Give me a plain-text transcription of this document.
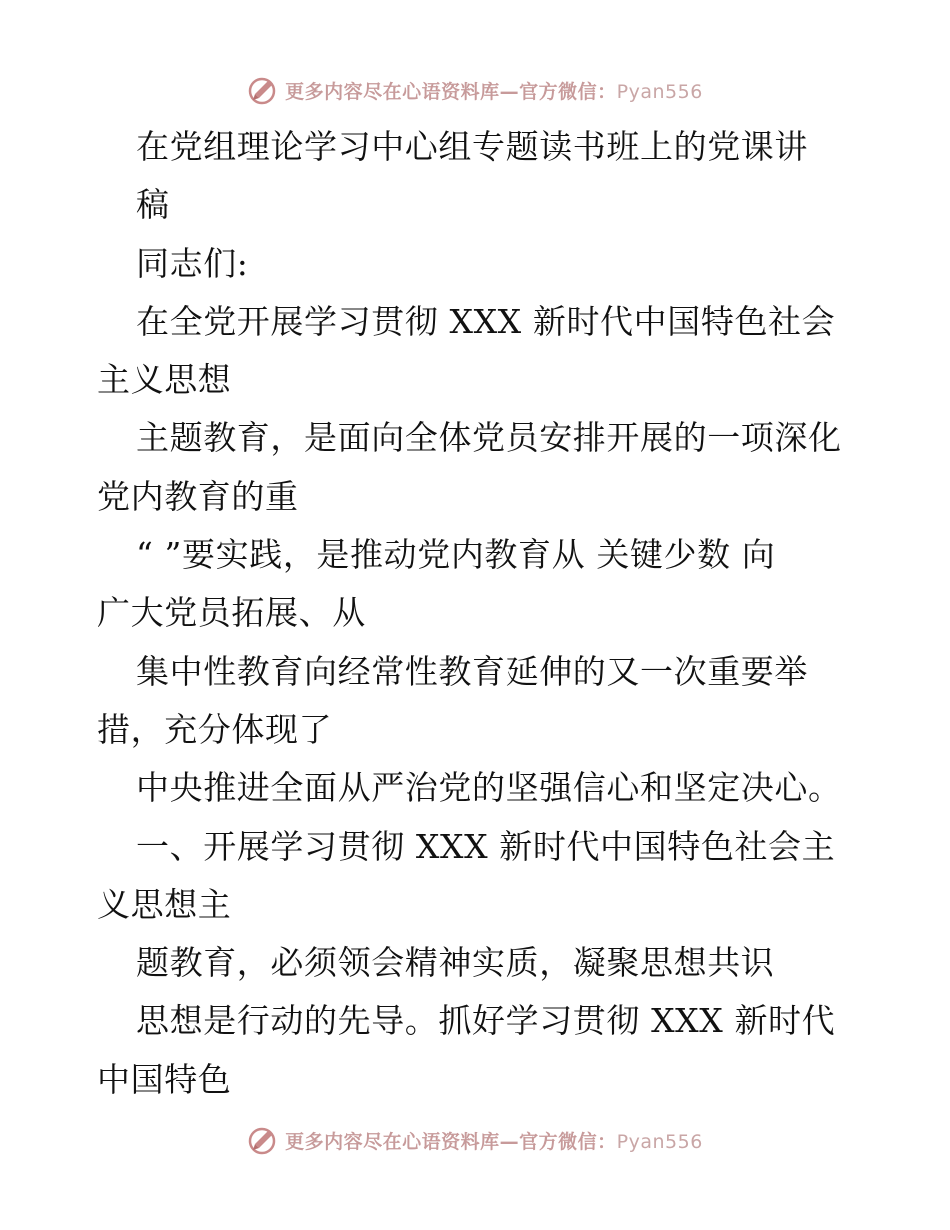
更多内容尽在心语资料库—官方微信：Pyan556
在党组理论学习中心组专题读书班上的党课讲
稿
同志们:
在全党开展学习贯彻 XXX 新时代中国特色社会
主义思想
主题教育，是面向全体党员安排开展的一项深化
党内教育的重
“ ”要实践，是推动党内教育从 关键少数 向
广大党员拓展、从
集中性教育向经常性教育延伸的又一次重要举
措，充分体现了
中央推进全面从严治党的坚强信心和坚定决心。
一、开展学习贯彻 XXX 新时代中国特色社会主
义思想主
题教育，必须领会精神实质，凝聚思想共识
思想是行动的先导。抓好学习贯彻 XXX 新时代
中国特色
更多内容尽在心语资料库—官方微信：Pyan556
